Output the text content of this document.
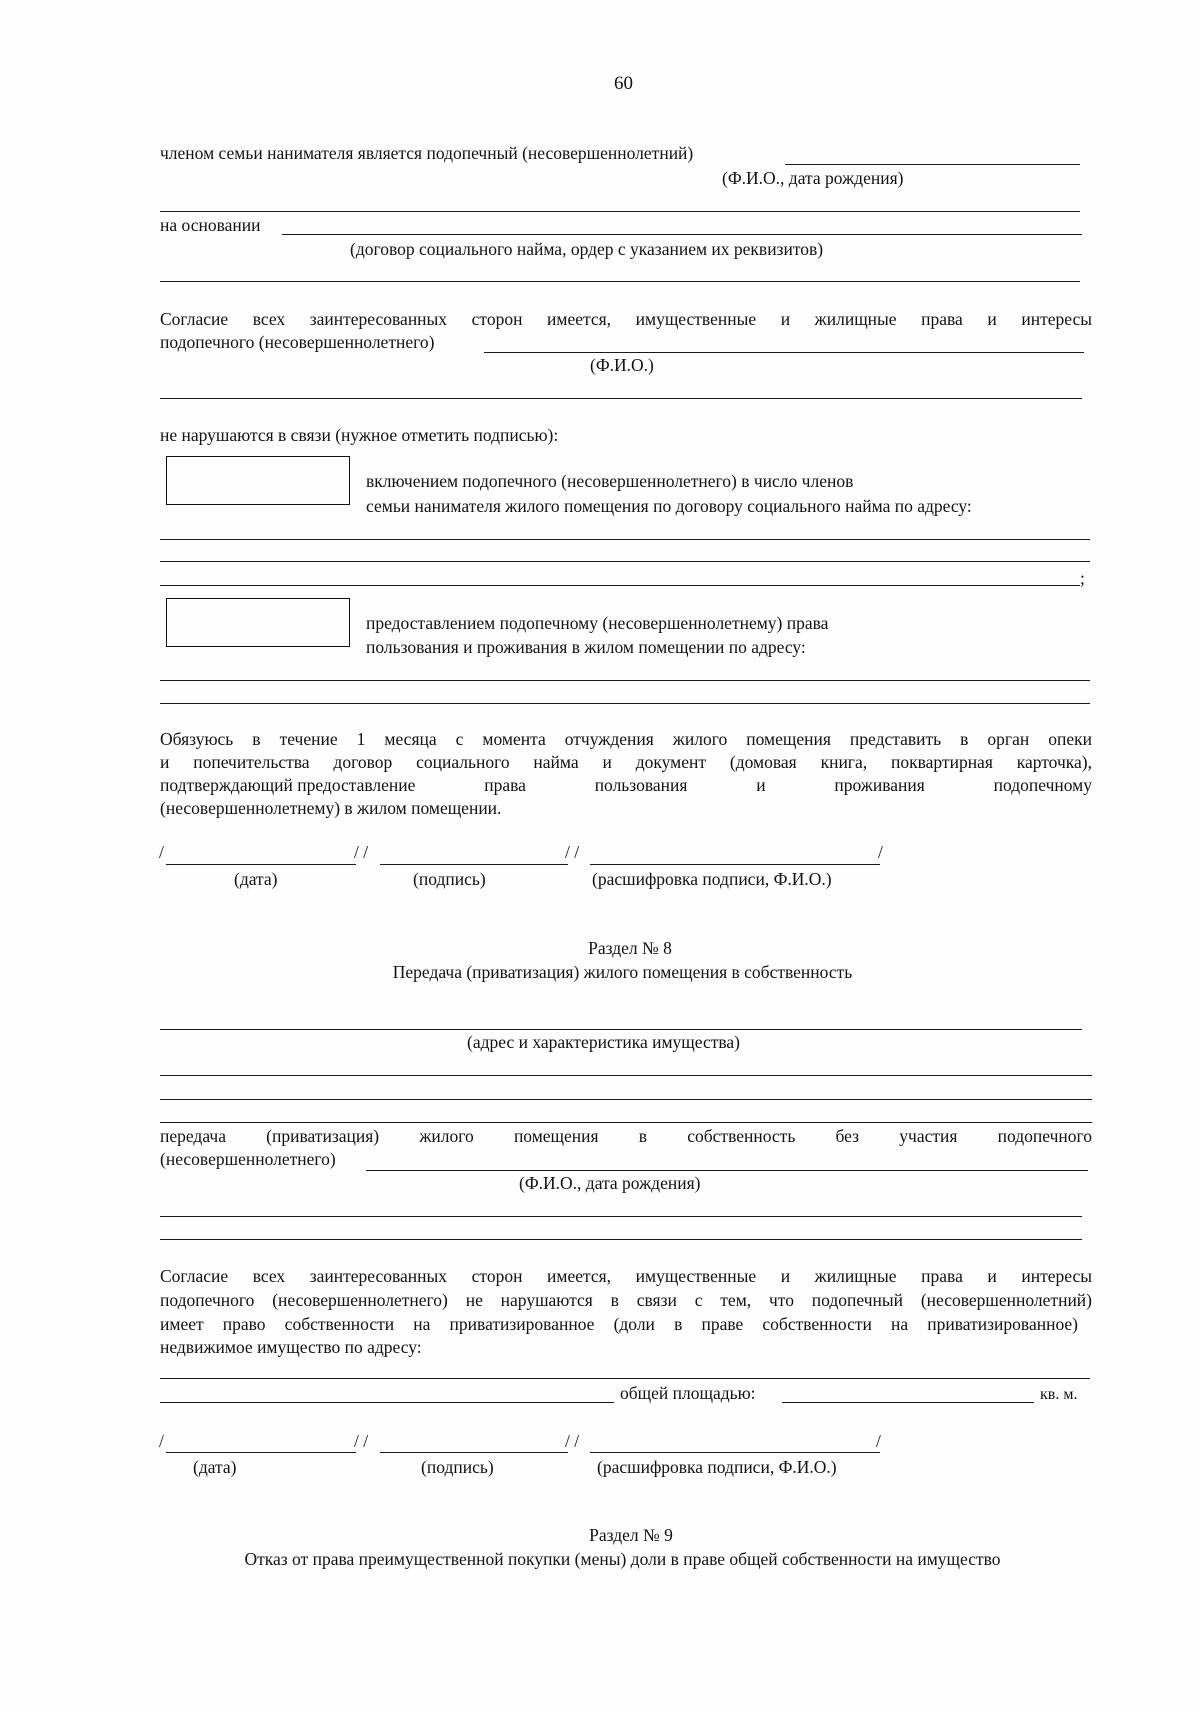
60
членом семьи нанимателя является подопечный (несовершеннолетний)
(Ф.И.О., дата рождения)
на основании
(договор социального найма, ордер с указанием их реквизитов)
Согласие всех заинтересованных сторон имеется, имущественные и жилищные права и интересы
подопечного (несовершеннолетнего)
(Ф.И.О.)
не нарушаются в связи (нужное отметить подписью):
включением подопечного (несовершеннолетнего) в число членов
семьи нанимателя жилого помещения по договору социального найма по адресу:
;
предоставлением подопечному (несовершеннолетнему) права
пользования и проживания в жилом помещении по адресу:
Обязуюсь в течение 1 месяца с момента отчуждения жилого помещения представить в орган опеки
и попечительства договор социального найма и документ (домовая книга, поквартирная карточка),
подтверждающий предоставление	права	пользования	и	проживания	подопечному
(несовершеннолетнему) в жилом помещении.
/	/ /	/ /	/
(дата)	(подпись)	(расшифровка подписи, Ф.И.О.)
Раздел № 8
Передача (приватизация) жилого помещения в собственность
(адрес и характеристика имущества)
передача (приватизация) жилого помещения в собственность без участия подопечного
(несовершеннолетнего)
(Ф.И.О., дата рождения)
Согласие всех заинтересованных сторон имеется, имущественные и жилищные права и интересы
подопечного (несовершеннолетнего) не нарушаются в связи с тем, что подопечный (несовершеннолетний)
имеет право собственности на приватизированное (доли в праве собственности на приватизированное)
недвижимое имущество по адресу:
общей площадью:	кв. м.
/	/ /	/ /	/
(дата)	(подпись)	(расшифровка подписи, Ф.И.О.)
Раздел № 9
Отказ от права преимущественной покупки (мены) доли в праве общей собственности на имущество
